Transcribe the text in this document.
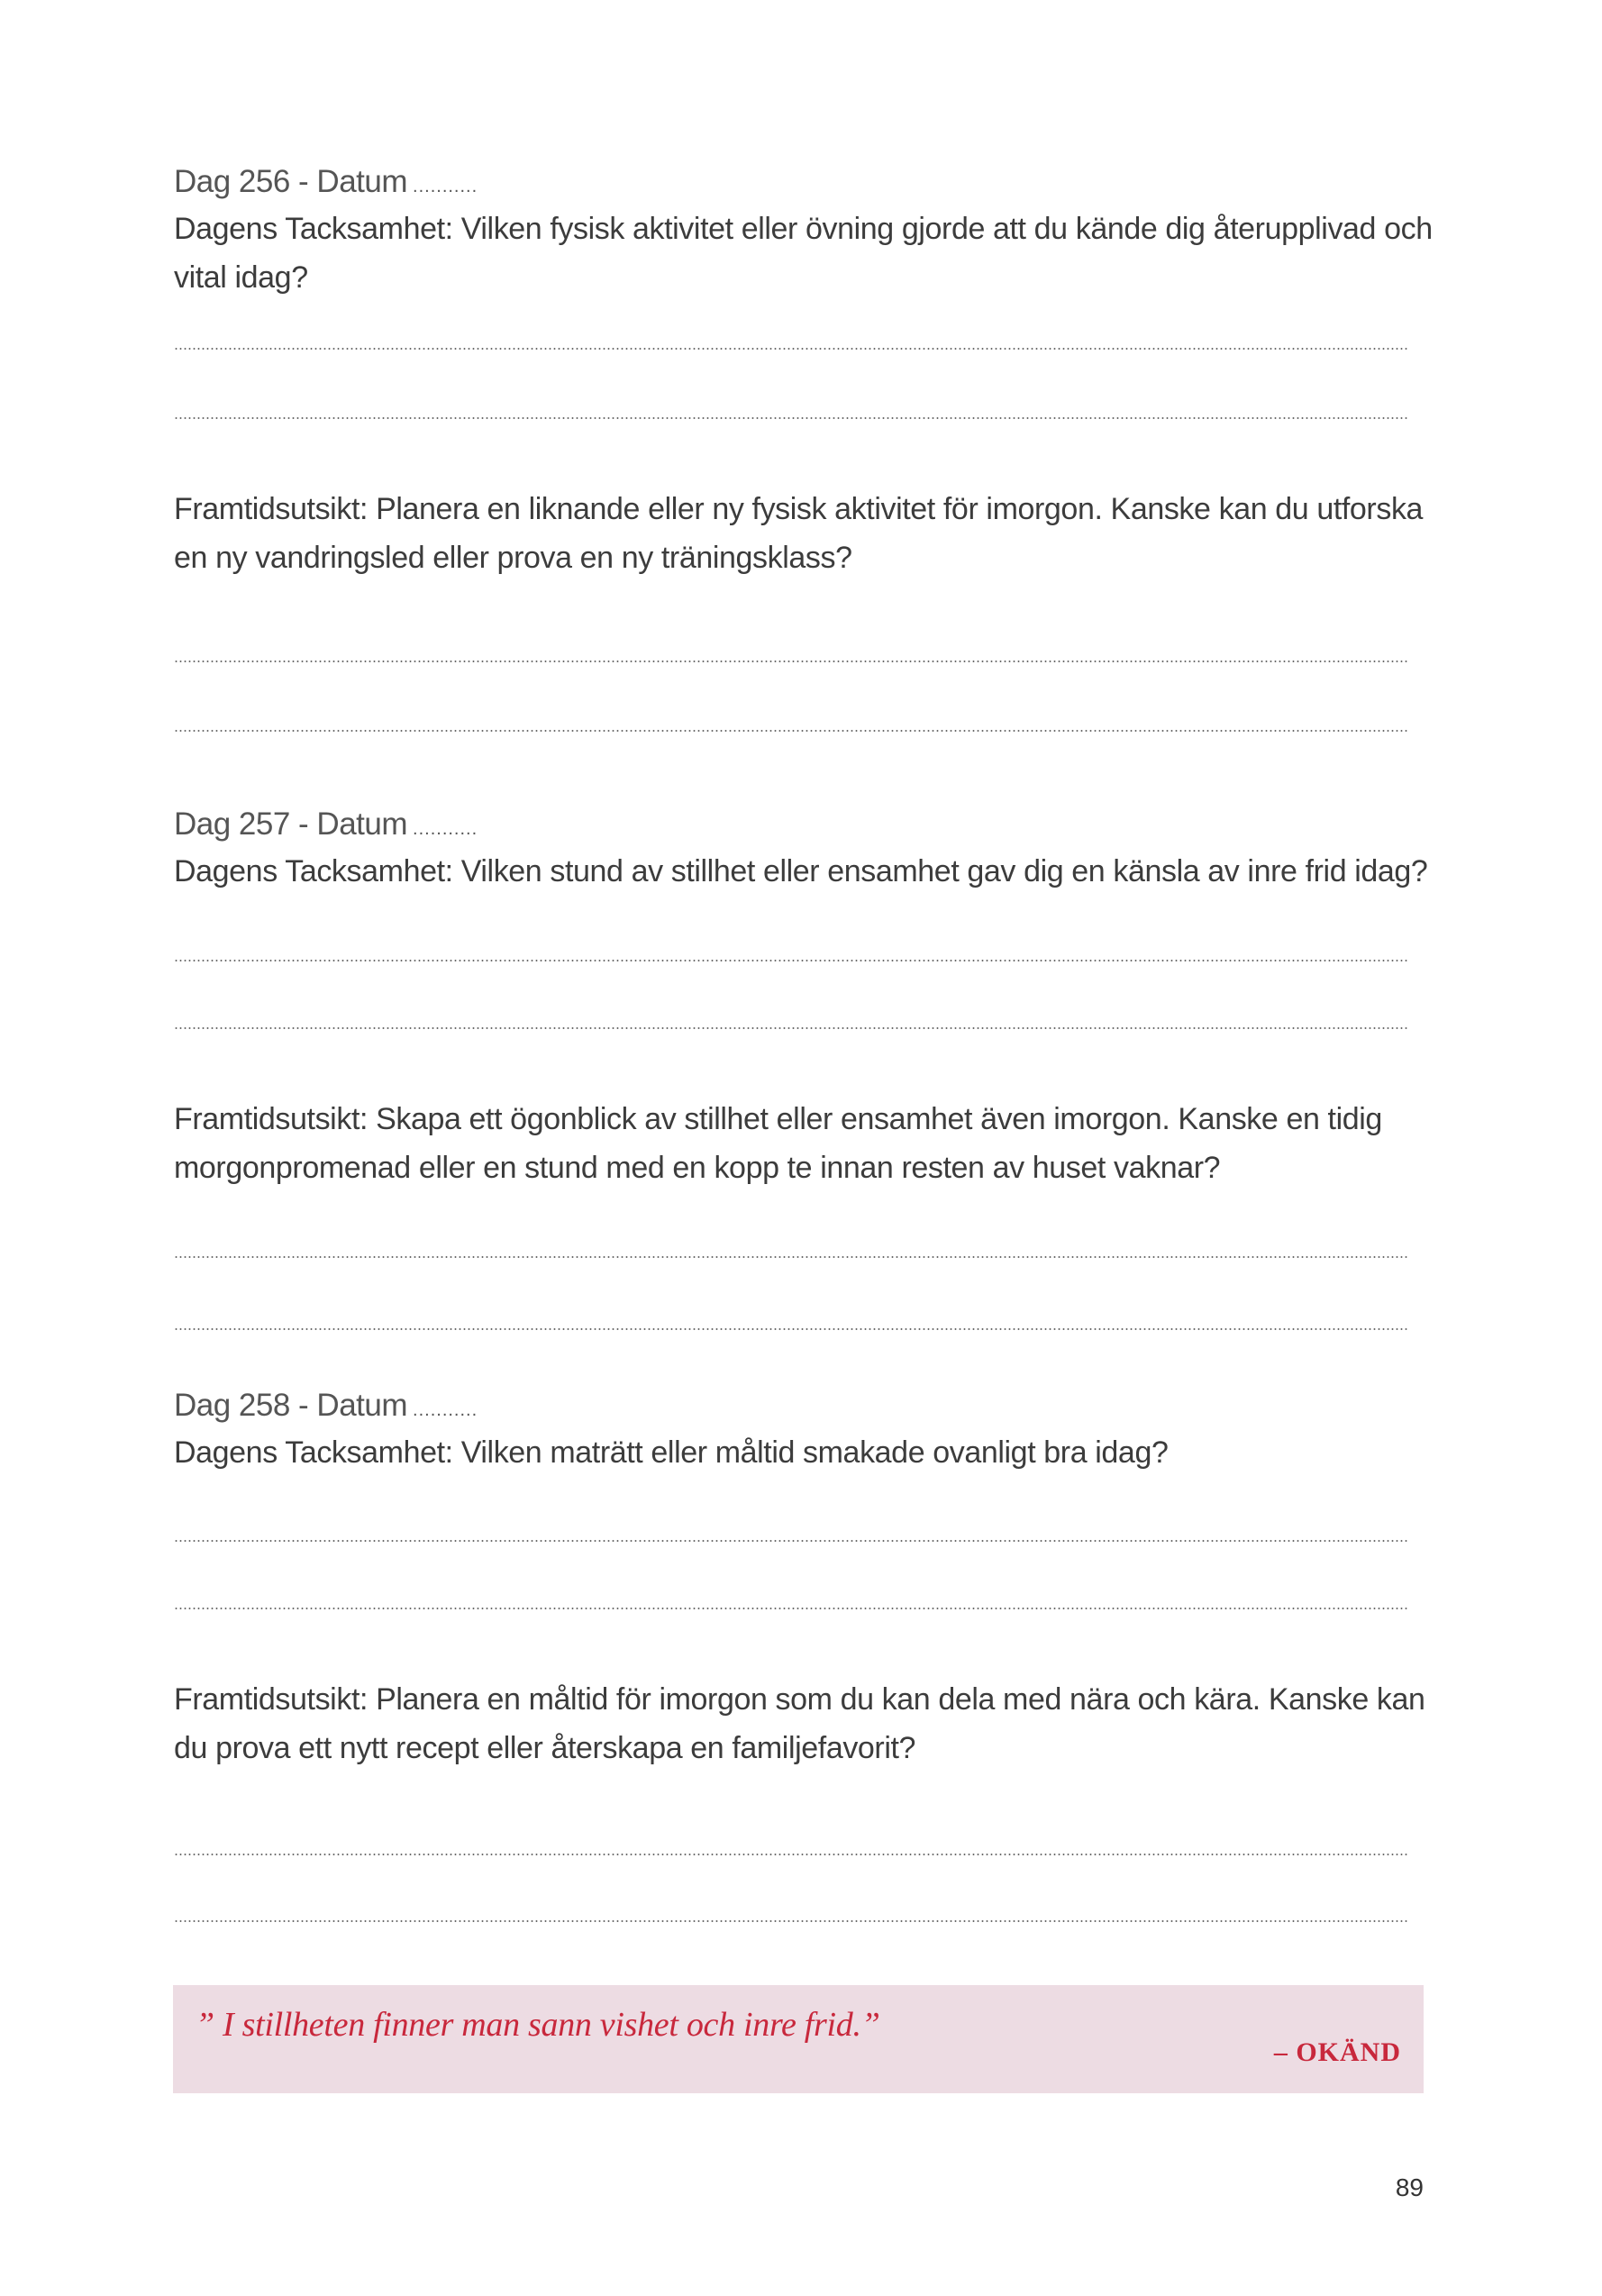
Dag 256 - Datum ...........
Dagens Tacksamhet: Vilken fysisk aktivitet eller övning gjorde att du kände dig återupplivad och vital idag?
Framtidsutsikt: Planera en liknande eller ny fysisk aktivitet för imorgon. Kanske kan du utforska en ny vandringsled eller prova en ny träningsklass?
Dag 257 - Datum ...........
Dagens Tacksamhet: Vilken stund av stillhet eller ensamhet gav dig en känsla av inre frid idag?
Framtidsutsikt: Skapa ett ögonblick av stillhet eller ensamhet även imorgon. Kanske en tidig morgonpromenad eller en stund med en kopp te innan resten av huset vaknar?
Dag 258 - Datum ...........
Dagens Tacksamhet: Vilken maträtt eller måltid smakade ovanligt bra idag?
Framtidsutsikt: Planera en måltid för imorgon som du kan dela med nära och kära. Kanske kan du prova ett nytt recept eller återskapa en familjefavorit?
” I stillheten finner man sann vishet och inre frid.”
– OKÄND
89
